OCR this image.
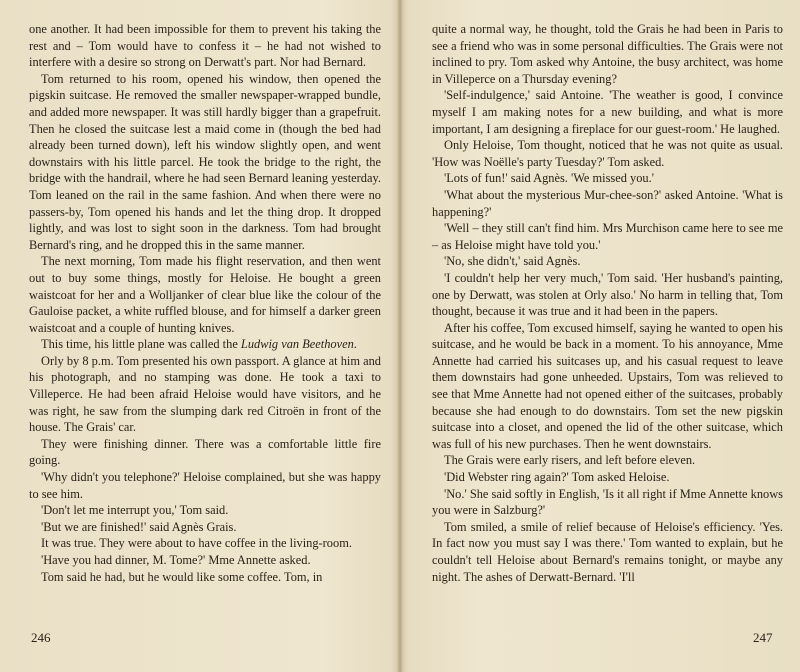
one another. It had been impossible for them to prevent his taking the rest and – Tom would have to confess it – he had not wished to interfere with a desire so strong on Derwatt's part. Nor had Bernard.

Tom returned to his room, opened his window, then opened the pigskin suitcase. He removed the smaller newspaper-wrapped bundle, and added more newspaper. It was still hardly bigger than a grapefruit. Then he closed the suitcase lest a maid come in (though the bed had already been turned down), left his window slightly open, and went downstairs with his little parcel. He took the bridge to the right, the bridge with the handrail, where he had seen Bernard leaning yesterday. Tom leaned on the rail in the same fashion. And when there were no passers-by, Tom opened his hands and let the thing drop. It dropped lightly, and was lost to sight soon in the darkness. Tom had brought Bernard's ring, and he dropped this in the same manner.

The next morning, Tom made his flight reservation, and then went out to buy some things, mostly for Heloise. He bought a green waistcoat for her and a Wolljanker of clear blue like the colour of the Gauloise packet, a white ruffled blouse, and for himself a darker green waistcoat and a couple of hunting knives.

This time, his little plane was called the Ludwig van Beethoven.

Orly by 8 p.m. Tom presented his own passport. A glance at him and his photograph, and no stamping was done. He took a taxi to Villeperce. He had been afraid Heloise would have visitors, and he was right, he saw from the slumping dark red Citroën in front of the house. The Grais' car.

They were finishing dinner. There was a comfortable little fire going.

'Why didn't you telephone?' Heloise complained, but she was happy to see him.

'Don't let me interrupt you,' Tom said.

'But we are finished!' said Agnès Grais.

It was true. They were about to have coffee in the living-room.

'Have you had dinner, M. Tome?' Mme Annette asked.

Tom said he had, but he would like some coffee. Tom, in

246

quite a normal way, he thought, told the Grais he had been in Paris to see a friend who was in some personal difficulties. The Grais were not inclined to pry. Tom asked why Antoine, the busy architect, was home in Villeperce on a Thursday evening?

'Self-indulgence,' said Antoine. 'The weather is good, I convince myself I am making notes for a new building, and what is more important, I am designing a fireplace for our guest-room.' He laughed.

Only Heloise, Tom thought, noticed that he was not quite as usual. 'How was Noëlle's party Tuesday?' Tom asked.

'Lots of fun!' said Agnès. 'We missed you.'

'What about the mysterious Mur-chee-son?' asked Antoine. 'What is happening?'

'Well – they still can't find him. Mrs Murchison came here to see me – as Heloise might have told you.'

'No, she didn't,' said Agnès.

'I couldn't help her very much,' Tom said. 'Her husband's painting, one by Derwatt, was stolen at Orly also.' No harm in telling that, Tom thought, because it was true and it had been in the papers.

After his coffee, Tom excused himself, saying he wanted to open his suitcase, and he would be back in a moment. To his annoyance, Mme Annette had carried his suitcases up, and his casual request to leave them downstairs had gone unheeded. Upstairs, Tom was relieved to see that Mme Annette had not opened either of the suitcases, probably because she had enough to do downstairs. Tom set the new pigskin suitcase into a closet, and opened the lid of the other suitcase, which was full of his new purchases. Then he went downstairs.

The Grais were early risers, and left before eleven.

'Did Webster ring again?' Tom asked Heloise.

'No.' She said softly in English, 'Is it all right if Mme Annette knows you were in Salzburg?'

Tom smiled, a smile of relief because of Heloise's efficiency. 'Yes. In fact now you must say I was there.' Tom wanted to explain, but he couldn't tell Heloise about Bernard's remains tonight, or maybe any night. The ashes of Derwatt-Bernard. 'I'll

247
